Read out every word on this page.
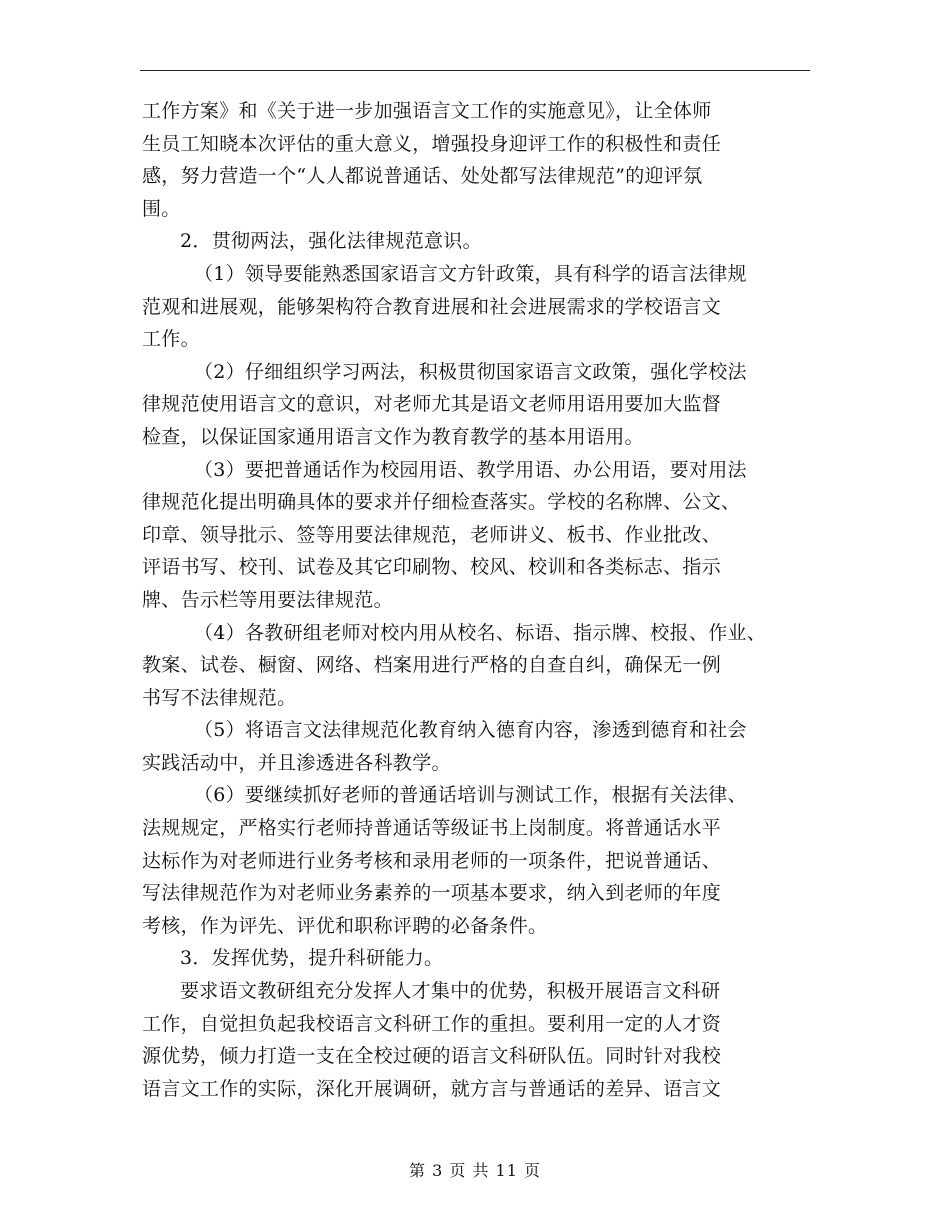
工作方案》和《关于进一步加强语言文工作的实施意见》，让全体师
生员工知晓本次评估的重大意义，增强投身迎评工作的积极性和责任
感，努力营造一个“人人都说普通话、处处都写法律规范”的迎评氛
围。
2．贯彻两法，强化法律规范意识。
（1）领导要能熟悉国家语言文方针政策，具有科学的语言法律规
范观和进展观，能够架构符合教育进展和社会进展需求的学校语言文
工作。
（2）仔细组织学习两法，积极贯彻国家语言文政策，强化学校法
律规范使用语言文的意识，对老师尤其是语文老师用语用要加大监督
检查，以保证国家通用语言文作为教育教学的基本用语用。
（3）要把普通话作为校园用语、教学用语、办公用语，要对用法
律规范化提出明确具体的要求并仔细检查落实。学校的名称牌、公文、
印章、领导批示、签等用要法律规范，老师讲义、板书、作业批改、
评语书写、校刊、试卷及其它印刷物、校风、校训和各类标志、指示
牌、告示栏等用要法律规范。
（4）各教研组老师对校内用从校名、标语、指示牌、校报、作业、
教案、试卷、橱窗、网络、档案用进行严格的自查自纠，确保无一例
书写不法律规范。
（5）将语言文法律规范化教育纳入德育内容，渗透到德育和社会
实践活动中，并且渗透进各科教学。
（6）要继续抓好老师的普通话培训与测试工作，根据有关法律、
法规规定，严格实行老师持普通话等级证书上岗制度。将普通话水平
达标作为对老师进行业务考核和录用老师的一项条件，把说普通话、
写法律规范作为对老师业务素养的一项基本要求，纳入到老师的年度
考核，作为评先、评优和职称评聘的必备条件。
3．发挥优势，提升科研能力。
要求语文教研组充分发挥人才集中的优势，积极开展语言文科研
工作，自觉担负起我校语言文科研工作的重担。要利用一定的人才资
源优势，倾力打造一支在全校过硬的语言文科研队伍。同时针对我校
语言文工作的实际，深化开展调研，就方言与普通话的差异、语言文
第 3 页 共 11 页
